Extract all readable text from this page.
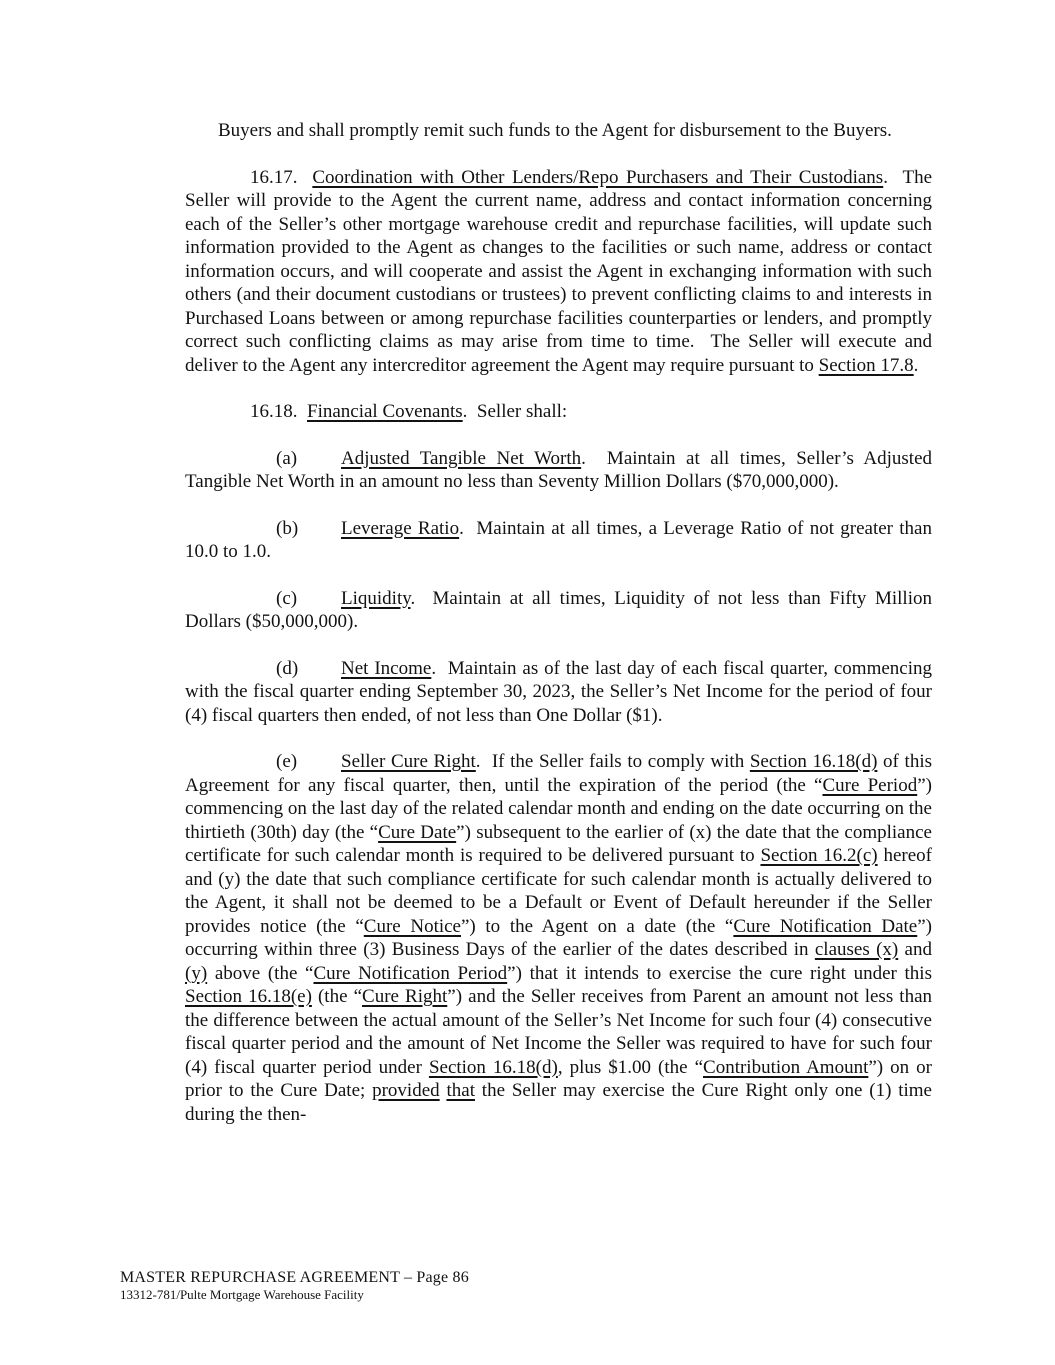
Buyers and shall promptly remit such funds to the Agent for disbursement to the Buyers.

16.17.  Coordination with Other Lenders/Repo Purchasers and Their Custodians.  The Seller will provide to the Agent the current name, address and contact information concerning each of the Seller’s other mortgage warehouse credit and repurchase facilities, will update such information provided to the Agent as changes to the facilities or such name, address or contact information occurs, and will cooperate and assist the Agent in exchanging information with such others (and their document custodians or trustees) to prevent conflicting claims to and interests in Purchased Loans between or among repurchase facilities counterparties or lenders, and promptly correct such conflicting claims as may arise from time to time.  The Seller will execute and deliver to the Agent any intercreditor agreement the Agent may require pursuant to Section 17.8.

16.18.  Financial Covenants.  Seller shall:

(a) Adjusted Tangible Net Worth.  Maintain at all times, Seller’s Adjusted Tangible Net Worth in an amount no less than Seventy Million Dollars ($70,000,000).

(b) Leverage Ratio.  Maintain at all times, a Leverage Ratio of not greater than 10.0 to 1.0.

(c) Liquidity.  Maintain at all times, Liquidity of not less than Fifty Million Dollars ($50,000,000).

(d) Net Income.  Maintain as of the last day of each fiscal quarter, commencing with the fiscal quarter ending September 30, 2023, the Seller’s Net Income for the period of four (4) fiscal quarters then ended, of not less than One Dollar ($1).

(e) Seller Cure Right.  If the Seller fails to comply with Section 16.18(d) of this Agreement for any fiscal quarter, then, until the expiration of the period (the “Cure Period”) commencing on the last day of the related calendar month and ending on the date occurring on the thirtieth (30th) day (the “Cure Date”) subsequent to the earlier of (x) the date that the compliance certificate for such calendar month is required to be delivered pursuant to Section 16.2(c) hereof and (y) the date that such compliance certificate for such calendar month is actually delivered to the Agent, it shall not be deemed to be a Default or Event of Default hereunder if the Seller provides notice (the “Cure Notice”) to the Agent on a date (the “Cure Notification Date”) occurring within three (3) Business Days of the earlier of the dates described in clauses (x) and (y) above (the “Cure Notification Period”) that it intends to exercise the cure right under this Section 16.18(e) (the “Cure Right”) and the Seller receives from Parent an amount not less than the difference between the actual amount of the Seller’s Net Income for such four (4) consecutive fiscal quarter period and the amount of Net Income the Seller was required to have for such four (4) fiscal quarter period under Section 16.18(d), plus $1.00 (the “Contribution Amount”) on or prior to the Cure Date; provided that the Seller may exercise the Cure Right only one (1) time during the then-

MASTER REPURCHASE AGREEMENT – Page 86
13312-781/Pulte Mortgage Warehouse Facility
